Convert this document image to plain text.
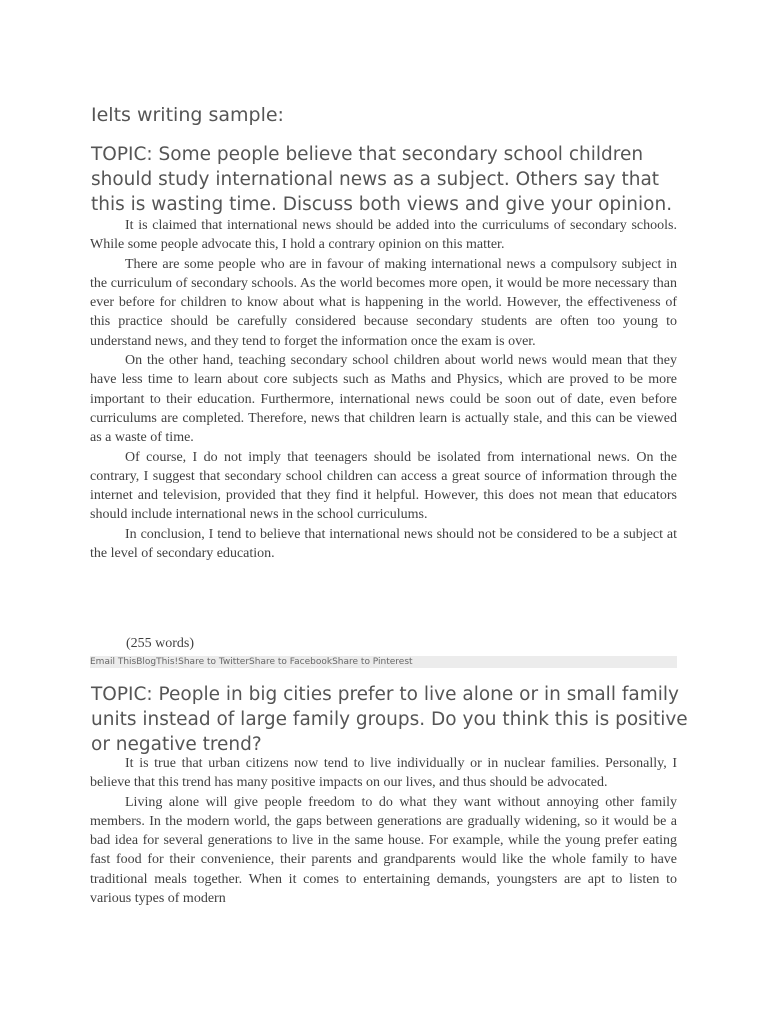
Ielts writing sample:
TOPIC: Some people believe that secondary school children should study international news as a subject. Others say that this is wasting time. Discuss both views and give your opinion.

It is claimed that international news should be added into the curriculums of secondary schools. While some people advocate this, I hold a contrary opinion on this matter.

There are some people who are in favour of making international news a compulsory subject in the curriculum of secondary schools. As the world becomes more open, it would be more necessary than ever before for children to know about what is happening in the world. However, the effectiveness of this practice should be carefully considered because secondary students are often too young to understand news, and they tend to forget the information once the exam is over.

On the other hand, teaching secondary school children about world news would mean that they have less time to learn about core subjects such as Maths and Physics, which are proved to be more important to their education. Furthermore, international news could be soon out of date, even before curriculums are completed. Therefore, news that children learn is actually stale, and this can be viewed as a waste of time.

Of course, I do not imply that teenagers should be isolated from international news. On the contrary, I suggest that secondary school children can access a great source of information through the internet and television, provided that they find it helpful. However, this does not mean that educators should include international news in the school curriculums.

In conclusion, I tend to believe that international news should not be considered to be a subject at the level of secondary education.

(255 words)
Email This BlogThis! Share to Twitter Share to Facebook Share to Pinterest
TOPIC: People in big cities prefer to live alone or in small family units instead of large family groups. Do you think this is positive or negative trend?

It is true that urban citizens now tend to live individually or in nuclear families. Personally, I believe that this trend has many positive impacts on our lives, and thus should be advocated.

Living alone will give people freedom to do what they want without annoying other family members. In the modern world, the gaps between generations are gradually widening, so it would be a bad idea for several generations to live in the same house. For example, while the young prefer eating fast food for their convenience, their parents and grandparents would like the whole family to have traditional meals together. When it comes to entertaining demands, youngsters are apt to listen to various types of modern
